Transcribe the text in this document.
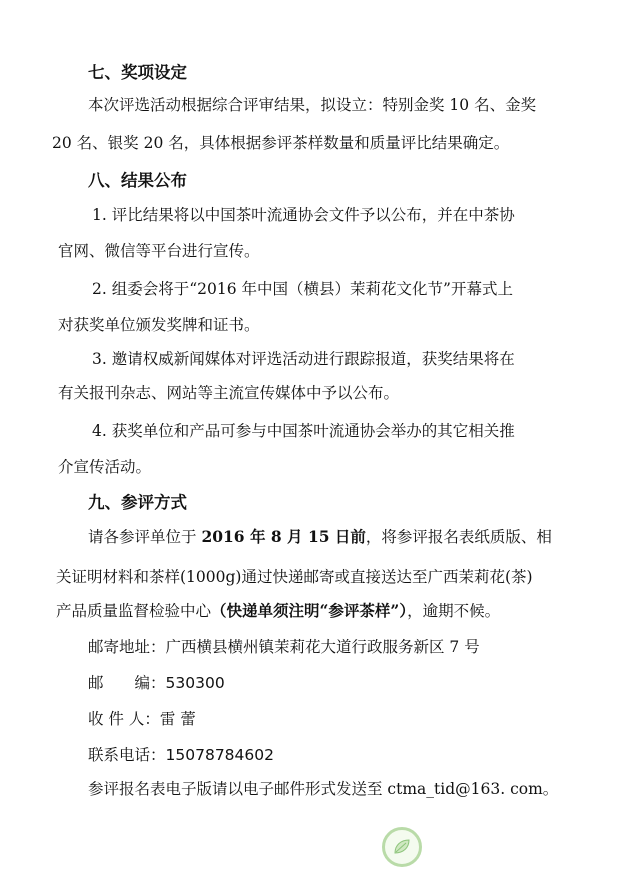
七、奖项设定
本次评选活动根据综合评审结果，拟设立：特别金奖 10 名、金奖
20 名、银奖 20 名，具体根据参评茶样数量和质量评比结果确定。
八、结果公布
1. 评比结果将以中国茶叶流通协会文件予以公布，并在中茶协
官网、微信等平台进行宣传。
2. 组委会将于“2016 年中国（横县）茉莉花文化节”开幕式上
对获奖单位颁发奖牌和证书。
3. 邀请权威新闻媒体对评选活动进行跟踪报道，获奖结果将在
有关报刊杂志、网站等主流宣传媒体中予以公布。
4. 获奖单位和产品可参与中国茶叶流通协会举办的其它相关推
介宣传活动。
九、参评方式
请各参评单位于 2016 年 8 月 15 日前，将参评报名表纸质版、相
关证明材料和茶样(1000g)通过快递邮寄或直接送达至广西茉莉花(茶)
产品质量监督检验中心（快递单须注明“参评茶样”），逾期不候。
邮寄地址：广西横县横州镇茉莉花大道行政服务新区 7 号
邮　　编：530300
收 件 人：雷 蕾
联系电话：15078784602
参评报名表电子版请以电子邮件形式发送至 ctma_tid@163. com。
